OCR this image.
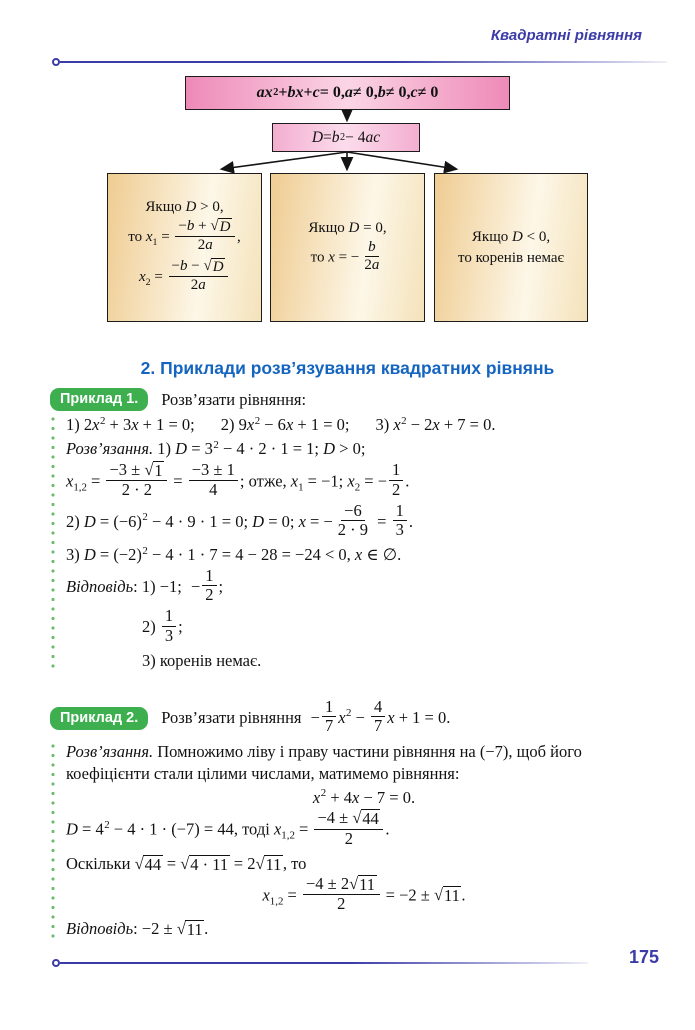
Квадратні рівняння
ax 2 + bx + c = 0, a ≠ 0, b ≠ 0, c ≠ 0
D = b 2 − 4 ac
Якщо D > 0,
то $x_1 = \frac{-b + √ D}{2a}$ ,
$x_2 = \frac{-b - √ D}{2a}$
Якщо D = 0,
то x = − $\frac{b}{2a}$
Якщо D < 0,
то коренів немає
2. Приклади розв’язування квадратних рівнянь
Приклад 1.	Розв’язати рівняння:
1) $2x^2 + 3x + 1 = 0$; 2) $9x^2 - 6x + 1 = 0$; 3) $x^2 - 2x + 7 = 0$.
Розв’язання. 1) $D = 3^2 - 4 \cdot 2 \cdot 1 = 1$; D > 0;
$x_{1,2} = \frac{-3 \pm √ 1}{2 \cdot 2} = \frac{-3 \pm 1}{4}$ ; отже, $x_1 = -1$; $x_2$ = − $\frac{1}{2}$ .
2) $D = (-6)^2 - 4 \cdot 9 \cdot 1 = 0$; D = 0; x = − $\frac{-6}{2 \cdot 9} = \frac{1}{3}$ .
3) $D = (-2)^2 - 4 \cdot 1 \cdot 7 = 4 - 28 = -24 < 0$, x ∈ ∅.
Відповідь: 1) −1; − $\frac{1}{2}$ ;
$2) \frac{1}{3}$ ;
3) коренів немає.
Приклад 2.	Розв’язати рівняння − $\frac{1}{7} x^2 - \frac{4}{7}$ x + 1 = 0.
Розв’язання. Помножимо ліву і праву частини рівняння на (−7), щоб його коефіцієнти стали цілими числами, матимемо рівняння:
$x^2 + 4x - 7 = 0$.
$D = 4^2 - 4 \cdot 1 \cdot (-7) = 44$, тоді $x_{1,2} = \frac{-4 \pm √ 44}{2}$ .
Оскільки √ 44 = √ 4 · 11 = 2 √ 11 , то
$x_{1,2} = \frac{-4 \pm 2 √ 11}{2} = -2$ ± √ 11 .
Відповідь: −2 ± √ 11 .
175
